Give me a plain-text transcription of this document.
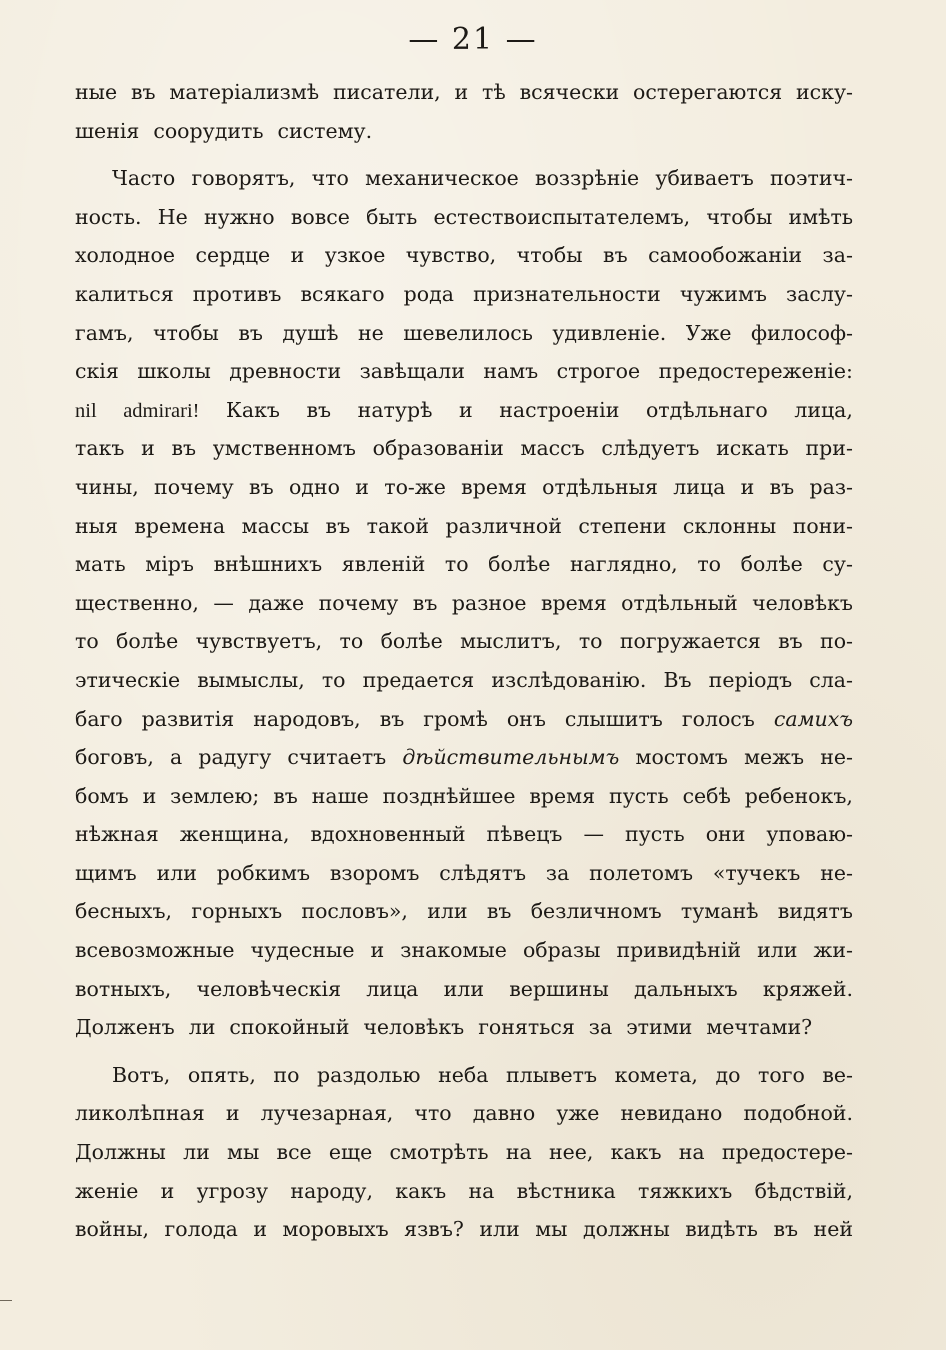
— 21 —
ные въ матеріализмѣ писатели, и тѣ всячески остерегаются иску-
шенія соорудить систему.
Часто говорятъ, что механическое воззрѣніе убиваетъ поэтич-
ность. Не нужно вовсе быть естествоиспытателемъ, чтобы имѣть
холодное сердце и узкое чувство, чтобы въ самообожаніи за-
калиться противъ всякаго рода признательности чужимъ заслу-
гамъ, чтобы въ душѣ не шевелилось удивленіе. Уже философ-
скія школы древности завѣщали намъ строгое предостереженіе:
nil admirari! Какъ въ натурѣ и настроеніи отдѣльнаго лица,
такъ и въ умственномъ образованіи массъ слѣдуетъ искать при-
чины, почему въ одно и то-же время отдѣльныя лица и въ раз-
ныя времена массы въ такой различной степени склонны пони-
мать міръ внѣшнихъ явленій то болѣе наглядно, то болѣе су-
щественно, — даже почему въ разное время отдѣльный человѣкъ
то болѣе чувствуетъ, то болѣе мыслитъ, то погружается въ по-
этическіе вымыслы, то предается изслѣдованію. Въ періодъ сла-
баго развитія народовъ, въ громѣ онъ слышитъ голосъ самихъ
боговъ, а радугу считаетъ дѣйствительнымъ мостомъ межъ не-
бомъ и землею; въ наше позднѣйшее время пусть себѣ ребенокъ,
нѣжная женщина, вдохновенный пѣвецъ — пусть они уповаю-
щимъ или робкимъ взоромъ слѣдятъ за полетомъ «тучекъ не-
бесныхъ, горныхъ пословъ», или въ безличномъ туманѣ видятъ
всевозможные чудесные и знакомые образы привидѣній или жи-
вотныхъ, человѣческія лица или вершины дальныхъ кряжей.
Долженъ ли спокойный человѣкъ гоняться за этими мечтами?
Вотъ, опять, по раздолью неба плыветъ комета, до того ве-
ликолѣпная и лучезарная, что давно уже невидано подобной.
Должны ли мы все еще смотрѣть на нее, какъ на предостере-
женіе и угрозу народу, какъ на вѣстника тяжкихъ бѣдствій,
войны, голода и моровыхъ язвъ? или мы должны видѣть въ ней
